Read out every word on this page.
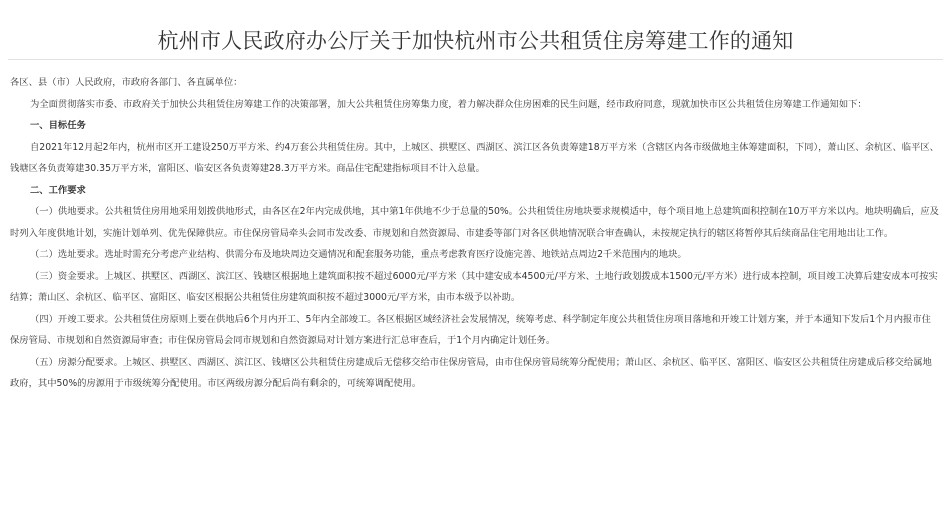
杭州市人民政府办公厅关于加快杭州市公共租赁住房筹建工作的通知

各区、县（市）人民政府，市政府各部门、各直属单位：

为全面贯彻落实市委、市政府关于加快公共租赁住房筹建工作的决策部署，加大公共租赁住房筹集力度，着力解决群众住房困难的民生问题，经市政府同意，现就加快市区公共租赁住房筹建工作通知如下：

一、目标任务

自2021年12月起2年内，杭州市区开工建设250万平方米、约4万套公共租赁住房。其中，上城区、拱墅区、西湖区、滨江区各负责筹建18万平方米（含辖区内各市级做地主体筹建面积，下同），萧山区、余杭区、临平区、钱塘区各负责筹建30.35万平方米，富阳区、临安区各负责筹建28.3万平方米。商品住宅配建指标项目不计入总量。

二、工作要求

（一）供地要求。公共租赁住房用地采用划拨供地形式，由各区在2年内完成供地，其中第1年供地不少于总量的50%。公共租赁住房地块要求规模适中，每个项目地上总建筑面积控制在10万平方米以内。地块明确后，应及时列入年度供地计划，实施计划单列、优先保障供应。市住保房管局牵头会同市发改委、市规划和自然资源局、市建委等部门对各区供地情况联合审查确认，未按规定执行的辖区将暂停其后续商品住宅用地出让工作。

（二）选址要求。选址时需充分考虑产业结构、供需分布及地块周边交通情况和配套服务功能，重点考虑教育医疗设施完善、地铁站点周边2千米范围内的地块。

（三）资金要求。上城区、拱墅区、西湖区、滨江区、钱塘区根据地上建筑面积按不超过6000元/平方米（其中建安成本4500元/平方米、土地行政划拨成本1500元/平方米）进行成本控制，项目竣工决算后建安成本可按实结算；萧山区、余杭区、临平区、富阳区、临安区根据公共租赁住房建筑面积按不超过3000元/平方米，由市本级予以补助。

（四）开竣工要求。公共租赁住房原则上要在供地后6个月内开工、5年内全部竣工。各区根据区域经济社会发展情况，统筹考虑、科学制定年度公共租赁住房项目落地和开竣工计划方案，并于本通知下发后1个月内报市住保房管局、市规划和自然资源局审查；市住保房管局会同市规划和自然资源局对计划方案进行汇总审查后，于1个月内确定计划任务。

（五）房源分配要求。上城区、拱墅区、西湖区、滨江区、钱塘区公共租赁住房建成后无偿移交给市住保房管局，由市住保房管局统筹分配使用；萧山区、余杭区、临平区、富阳区、临安区公共租赁住房建成后移交给属地政府，其中50%的房源用于市级统筹分配使用。市区两级房源分配后尚有剩余的，可统筹调配使用。
